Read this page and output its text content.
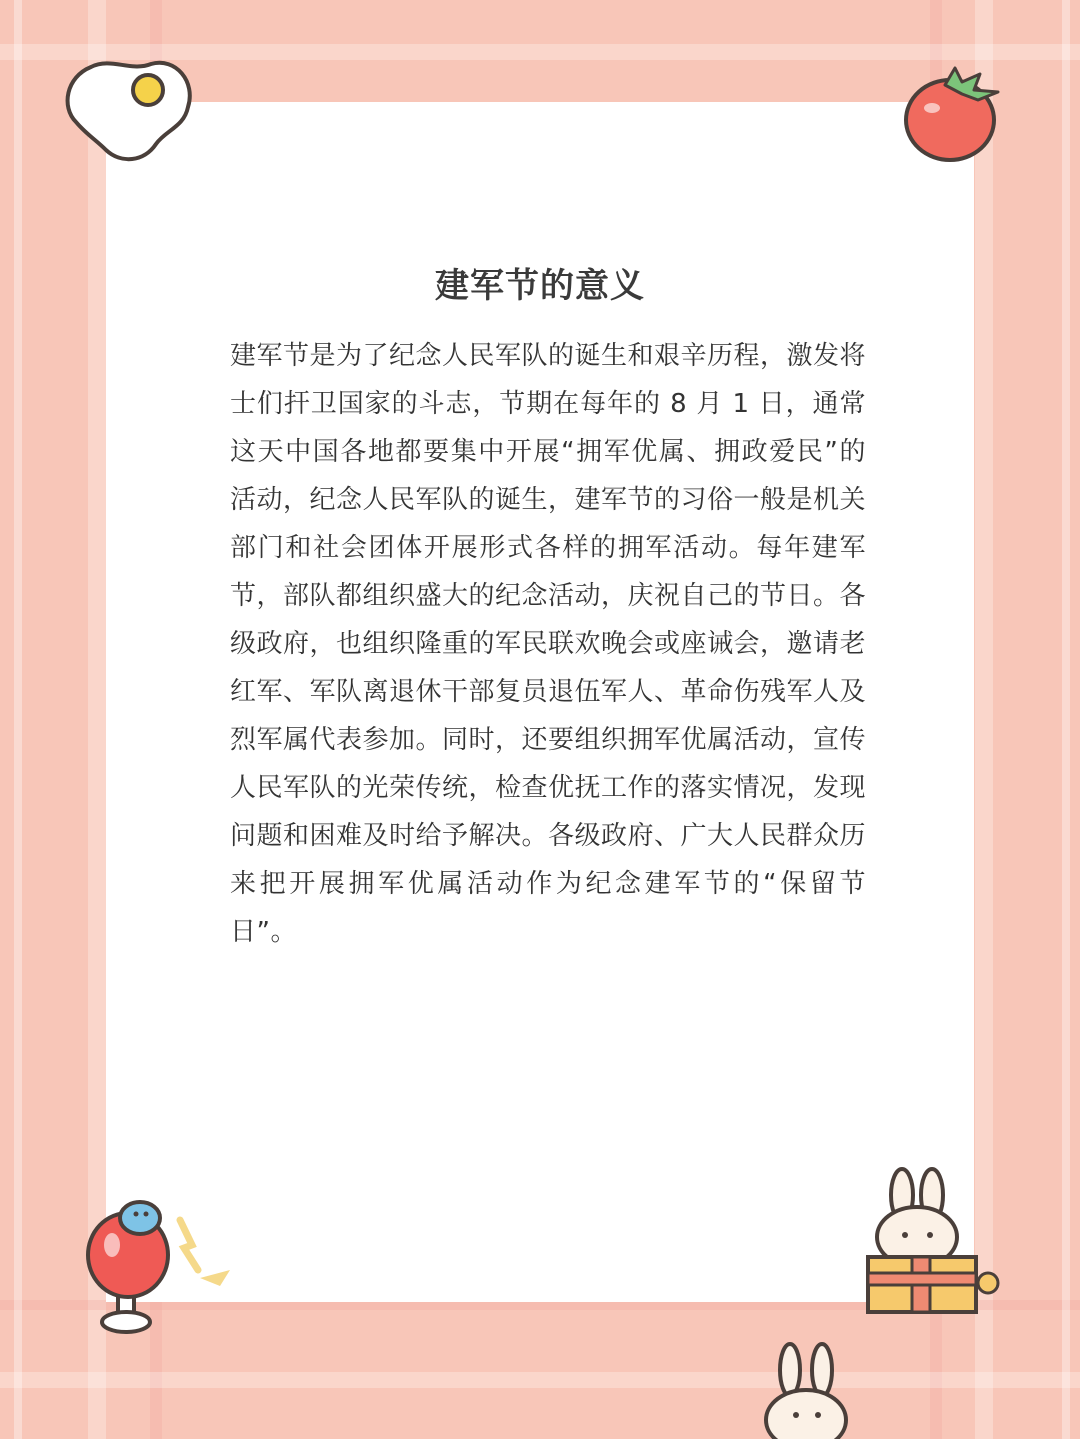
建军节的意义
建军节是为了纪念人民军队的诞生和艰辛历程，激发将士们扞卫国家的斗志，节期在每年的 8 月 1 日，通常这天中国各地都要集中开展“拥军优属、拥政爱民”的活动，纪念人民军队的诞生，建军节的习俗一般是机关部门和社会团体开展形式各样的拥军活动。每年建军节，部队都组织盛大的纪念活动，庆祝自己的节日。各级政府，也组织隆重的军民联欢晚会或座诫会，邀请老红军、军队离退休干部复员退伍军人、革命伤残军人及烈军属代表参加。同时，还要组织拥军优属活动，宣传人民军队的光荣传统，检查优抚工作的落实情况，发现问题和困难及时给予解决。各级政府、广大人民群众历来把开展拥军优属活动作为纪念建军节的“保留节日”。
